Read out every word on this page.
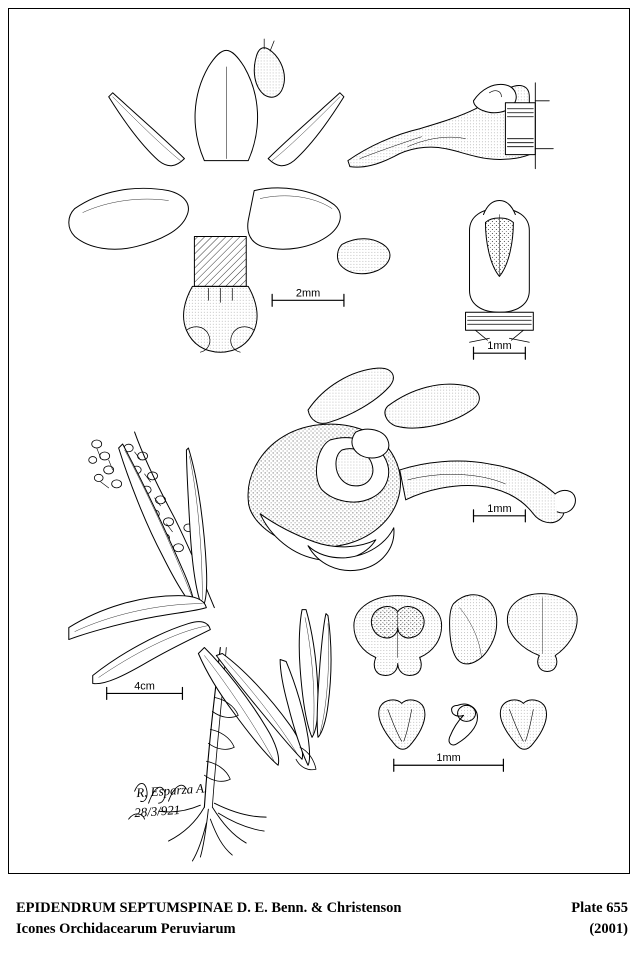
2mm
1mm
1mm
4cm
1mm
R. Esparza A.
28/3/921
EPIDENDRUM SEPTUMSPINAE D. E. Benn. & Christenson
Icones Orchidacearum Peruviarum
Plate 655
(2001)
